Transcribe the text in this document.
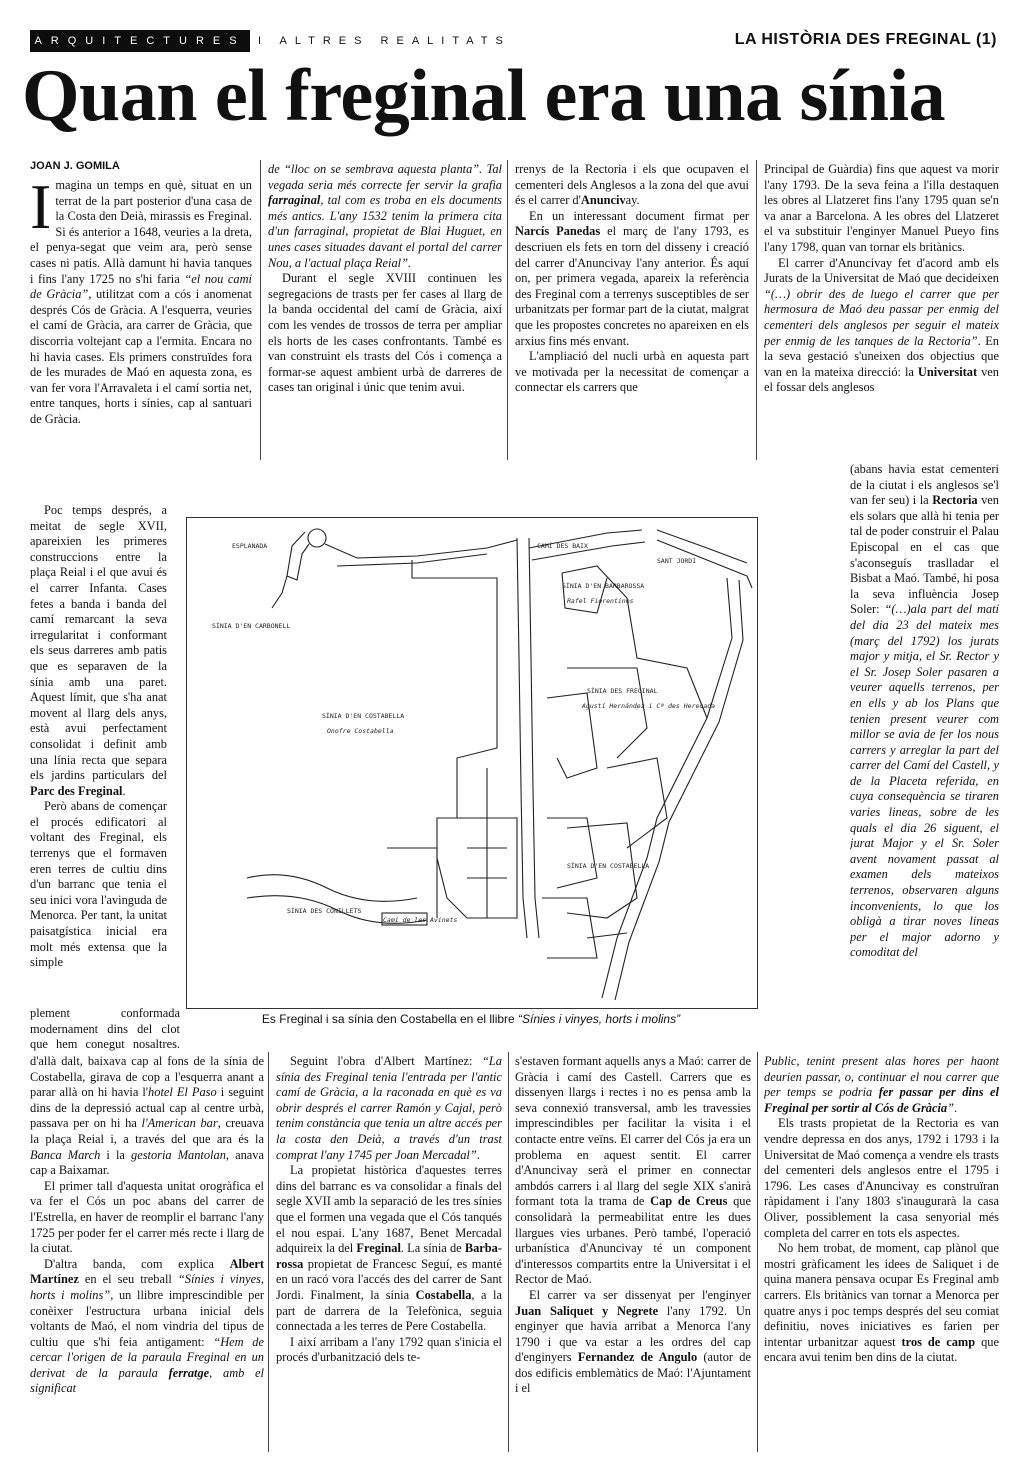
ARQUITECTURES	I ALTRES REALITATS	LA HISTÒRIA DES FREGINAL (1)
Quan el freginal era una sínia
JOAN J. GOMILA

Imagina un temps en què, situat en un terrat de la part posterior d'una casa de la Costa den Deià, mirassis es Freginal. Si és anterior a 1648, veuries a la dreta, el penya-segat que veim ara, però sense cases ni patis. Allà damunt hi havia tanques i fins l'any 1725 no s'hi faria “el nou camí de Gràcia”, utilitzat com a cós i anomenat després Cós de Gràcia. A l'esquerra, veuries el camí de Gràcia, ara carrer de Gràcia, que discorria voltejant cap a l'ermita. Encara no hi havia cases. Els primers construïdes fora de les murades de Maó en aquesta zona, es van fer vora l'Arravaleta i el camí sortia net, entre tanques, horts i sínies, cap al santuari de Gràcia.

Poc temps després, a meitat de segle XVII, apareixien les primeres construccions entre la plaça Reial i el que avui és el carrer Infanta. Cases fetes a banda i banda del camí remarcant la seva irregularitat i conformant els seus darreres amb patis que es separaven de la sínia amb una paret. Aquest límit, que s'ha anat movent al llarg dels anys, està avui perfectament consolidat i definit amb una línia recta que separa els jardins particulars del Parc des Freginal.

Però abans de començar el procés edificatori al voltant des Freginal, els terrenys que el formaven eren terres de cultiu dins d'un barranc que tenia el seu inici vora l'avinguda de Menorca. Per tant, la unitat paisatgística inicial era molt més extensa que la simple

plement conformada modernament dins del clot que hem conegut nosaltres.

de “lloc on se sembrava aquesta planta”. Tal vegada seria més correcte fer servir la grafia farraginal, tal com es troba en els documents més antics. L'any 1532 tenim la primera cita d'un farraginal, propietat de Blai Huguet, en unes cases situades davant el portal del carrer Nou, a l'actual plaça Reial”.

Durant el segle XVIII continuen les segregacions de trasts per fer cases al llarg de la banda occidental del camí de Gràcia, així com les vendes de trossos de terra per ampliar els horts de les cases confrontants. També es van construint els trasts del Cós i comença a formar-se aquest ambient urbà de darreres de cases tan original i únic que tenim avui.

rrenys de la Rectoria i els que ocupaven el cementeri dels Anglesos a la zona del que avui és el carrer d'Anuncivay.

En un interessant document firmat per Narcís Panedas el març de l'any 1793, es descriuen els fets en torn del disseny i creació del carrer d'Anuncivay l'any anterior. És aquí on, per primera vegada, apareix la referència des Freginal com a terrenys susceptibles de ser urbanitzats per formar part de la ciutat, malgrat que les propostes concretes no apareixen en els arxius fins més envant.

L'ampliació del nucli urbà en aquesta part ve motivada per la necessitat de començar a connectar els carrers que

Principal de Guàrdia) fins que aquest va morir l'any 1793. De la seva feina a l'illa destaquen les obres al Llatzeret fins l'any 1795 quan se'n va anar a Barcelona. A les obres del Llatzeret el va substituir l'enginyer Manuel Pueyo fins l'any 1798, quan van tornar els britànics.

El carrer d'Anuncivay fet d'acord amb els Jurats de la Universitat de Maó que decideixen “(…) obrir des de luego el carrer que per hermosura de Maó deu passar per enmig del cementeri dels anglesos per seguir el mateix per enmig de les tanques de la Rectoria”. En la seva gestació s'uneixen dos objectius que van en la mateixa direcció: la Universitat ven el fossar dels anglesos

(abans havia estat cementeri de la ciutat i els anglesos se'l van fer seu) i la Rectoria ven els solars que allà hi tenia per tal de poder construir el Palau Episcopal en el cas que s'aconseguís traslladar el Bisbat a Maó. També, hi posa la seva influència Josep Soler: “(…)ala part del matí del dia 23 del mateix mes (març del 1792) los jurats major y mitja, el Sr. Rector y el Sr. Josep Soler pasaren a veurer aquells terrenos, per en ells y ab los Plans que tenien present veurer com millor se avia de fer los nous carrers y arreglar la part del carrer del Camí del Castell, y de la Placeta referida, en cuya consequència se tiraren varies lineas, sobre de les quals el dia 26 siguent, el jurat Major y el Sr. Soler avent novament passat al examen dels mateixos terrenos, observaren alguns inconvenients, lo que los obligà a tirar noves lineas per el major adorno y comoditat del

ESPLANADA
SÍNIA D'EN CARBONELL
SÍNIA D'EN COSTABELLA
Onofre Costabella
SÍNIA D'EN BARBAROSSA
Rafel Fiorentines
SÍNIA DES FREGINAL
Agustí Hernández i Cª des Hereuada
SÍNIA D'EN COSTABELLA
SÍNIA DES CONILLETS
Camí de les Avinets
CAMÍ DES BAIX
SANT JORDI
Es Freginal i sa sínia den Costabella en el llibre “Sínies i vinyes, horts i molins”

d'allà dalt, baixava cap al fons de la sínia de Costabella, girava de cop a l'esquerra anant a parar allà on hi havia l'hotel El Paso i seguint dins de la depressió actual cap al centre urbà, passava per on hi ha l'American bar, creuava la plaça Reial i, a través del que ara és la Banca March i la gestoria Mantolan, anava cap a Baixamar.

El primer tall d'aquesta unitat orogràfica el va fer el Cós un poc abans del carrer de l'Estrella, en haver de reomplir el barranc l'any 1725 per poder fer el carrer més recte i llarg de la ciutat.

D'altra banda, com explica Albert Martínez en el seu treball “Sínies i vinyes, horts i molins”, un llibre imprescindible per conèixer l'estructura urbana inicial dels voltants de Maó, el nom vindria del tipus de cultiu que s'hi feia antigament: “Hem de cercar l'origen de la paraula Freginal en un derivat de la paraula ferratge, amb el significat

Seguint l'obra d'Albert Martínez: “La sínia des Freginal tenia l'entrada per l'antic camí de Gràcia, a la raconada en què es va obrir després el carrer Ramón y Cajal, però tenim constància que tenia un altre accés per la costa den Deià, a través d'un trast comprat l'any 1745 per Joan Mercadal”.

La propietat històrica d'aquestes terres dins del barranc es va consolidar a finals del segle XVII amb la separació de les tres sínies que el formen una vegada que el Cós tanqués el nou espai. L'any 1687, Benet Mercadal adquireix la del Freginal. La sínia de Barba-rossa propietat de Francesc Seguí, es manté en un racó vora l'accés des del carrer de Sant Jordi. Finalment, la sínia Costabella, a la part de darrera de la Telefònica, seguia connectada a les terres de Pere Costabella.

I així arribam a l'any 1792 quan s'inicia el procés d'urbanització dels te-

s'estaven formant aquells anys a Maó: carrer de Gràcia i camí des Castell. Carrers que es dissenyen llargs i rectes i no es pensa amb la seva connexió transversal, amb les travessies imprescindibles per facilitar la visita i el contacte entre veïns. El carrer del Cós ja era un problema en aquest sentit. El carrer d'Anuncivay serà el primer en connectar ambdós carrers i al llarg del segle XIX s'anirà formant tota la trama de Cap de Creus que consolidarà la permeabilitat entre les dues llargues vies urbanes. Però també, l'operació urbanística d'Anuncivay té un component d'interessos compartits entre la Universitat i el Rector de Maó.

El carrer va ser dissenyat per l'enginyer Juan Saliquet y Negrete l'any 1792. Un enginyer que havia arribat a Menorca l'any 1790 i que va estar a les ordres del cap d'enginyers Fernandez de Angulo (autor de dos edificis emblemàtics de Maó: l'Ajuntament i el

Public, tenint present alas hores per haont deurien passar, o, continuar el nou carrer que per temps se podria fer passar per dins el Freginal per sortir al Cós de Gràcia”.

Els trasts propietat de la Rectoria es van vendre depressa en dos anys, 1792 i 1793 i la Universitat de Maó comença a vendre els trasts del cementeri dels anglesos entre el 1795 i 1796. Les cases d'Anuncivay es construïran ràpidament i l'any 1803 s'inaugurarà la casa Oliver, possiblement la casa senyorial més completa del carrer en tots els aspectes.

No hem trobat, de moment, cap plànol que mostri gràficament les idees de Saliquet i de quina manera pensava ocupar Es Freginal amb carrers. Els britànics van tornar a Menorca per quatre anys i poc temps després del seu comiat definitiu, noves iniciatives es farien per intentar urbanitzar aquest tros de camp que encara avui tenim ben dins de la ciutat.
